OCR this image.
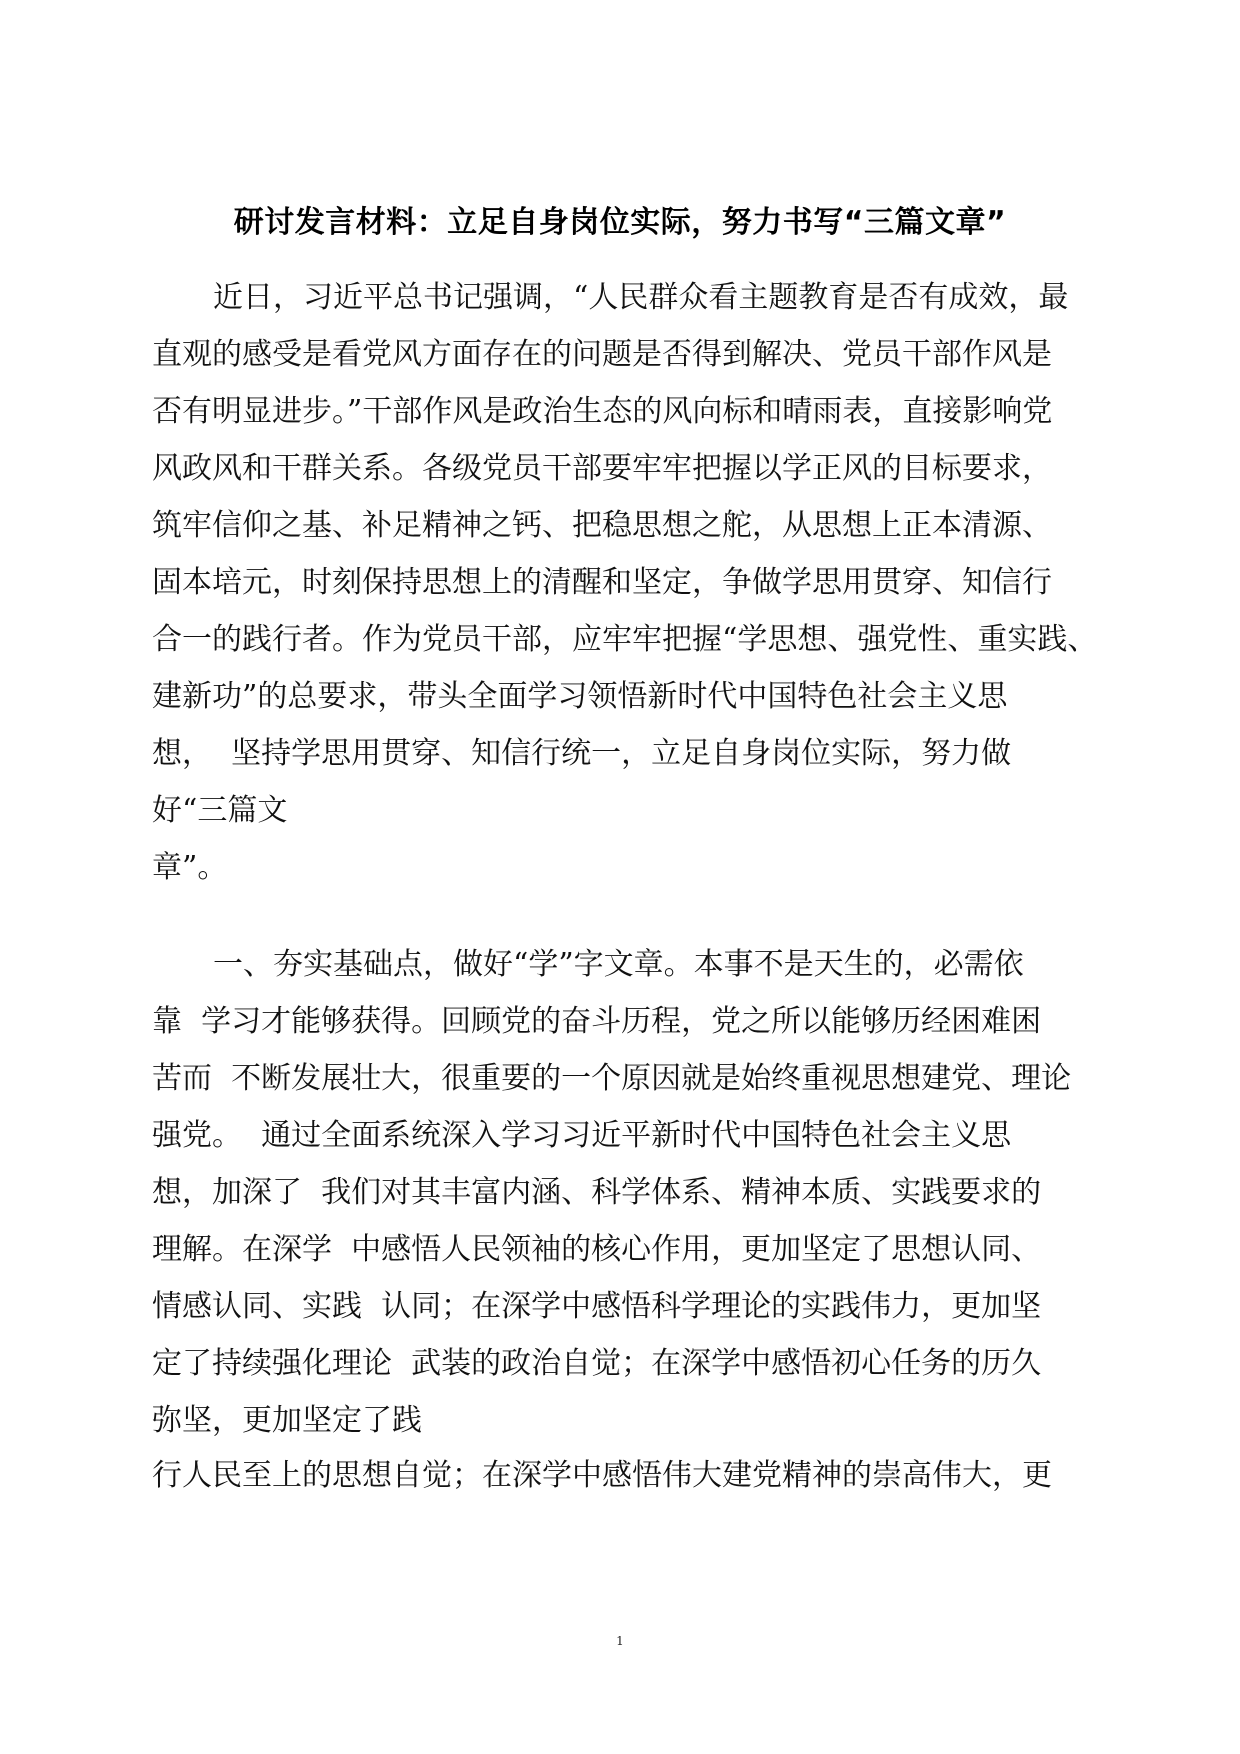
研讨发言材料：立足自身岗位实际，努力书写“三篇文章”

近日，习近平总书记强调，“人民群众看主题教育是否有成效，最

直观的感受是看党风方面存在的问题是否得到解决、党员干部作风是

否有明显进步。”干部作风是政治生态的风向标和晴雨表，直接影响党

风政风和干群关系。各级党员干部要牢牢把握以学正风的目标要求，

筑牢信仰之基、补足精神之钙、把稳思想之舵，从思想上正本清源、

固本培元，时刻保持思想上的清醒和坚定，争做学思用贯穿、知信行

合一的践行者。作为党员干部，应牢牢把握“学思想、强党性、重实践、

建新功”的总要求，带头全面学习领悟新时代中国特色社会主义思

想，  坚持学思用贯穿、知信行统一，立足自身岗位实际，努力做

好“三篇文

章”。

一、夯实基础点，做好“学”字文章。本事不是天生的，必需依

靠  学习才能够获得。回顾党的奋斗历程，党之所以能够历经困难困

苦而  不断发展壮大，很重要的一个原因就是始终重视思想建党、理论

强党。  通过全面系统深入学习习近平新时代中国特色社会主义思

想，加深了  我们对其丰富内涵、科学体系、精神本质、实践要求的

理解。在深学  中感悟人民领袖的核心作用，更加坚定了思想认同、

情感认同、实践  认同；在深学中感悟科学理论的实践伟力，更加坚

定了持续强化理论  武装的政治自觉；在深学中感悟初心任务的历久

弥坚，更加坚定了践

行人民至上的思想自觉；在深学中感悟伟大建党精神的崇高伟大，更

1
